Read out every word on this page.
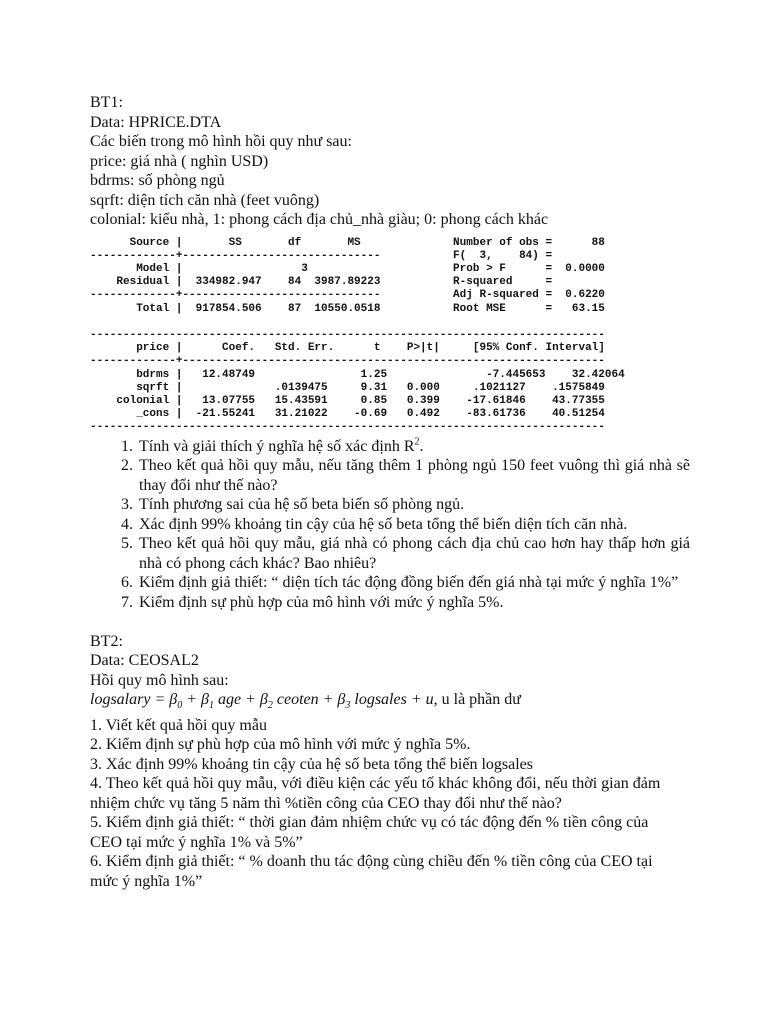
BT1:
Data: HPRICE.DTA
Các biến trong mô hình hồi quy như sau:
price: giá nhà ( nghìn USD)
bdrms: số phòng ngủ
sqrft: diện tích căn nhà (feet vuông)
colonial: kiểu nhà, 1: phong cách địa chủ_nhà giàu; 0: phong cách khác
Source |       SS       df       MS              Number of obs =      88
-------------+------------------------------           F(  3,    84) =
Model |                  3                      Prob > F      =  0.0000
Residual |  334982.947    84  3987.89223           R-squared     =
-------------+------------------------------           Adj R-squared =  0.6220
Total |  917854.506    87  10550.0518           Root MSE      =   63.15

------------------------------------------------------------------------------
price |      Coef.   Std. Err.      t    P>|t|     [95% Conf. Interval]
-------------+----------------------------------------------------------------
bdrms |   12.48749                1.25               -7.445653    32.42064
sqrft |              .0139475     9.31   0.000     .1021127    .1575849
colonial |   13.07755   15.43591     0.85   0.399    -17.61846    43.77355
_cons |  -21.55241   31.21022    -0.69   0.492    -83.61736    40.51254
------------------------------------------------------------------------------
1. Tính và giải thích ý nghĩa hệ số xác định $R^2$.
2. Theo kết quả hồi quy mẫu, nếu tăng thêm 1 phòng ngủ 150 feet vuông thì giá nhà sẽ thay đổi như thế nào?
3. Tính phương sai của hệ số beta biến số phòng ngủ.
4. Xác định 99% khoảng tin cậy của hệ số beta tổng thể biến diện tích căn nhà.
5. Theo kết quả hồi quy mẫu, giá nhà có phong cách địa chủ cao hơn hay thấp hơn giá nhà có phong cách khác? Bao nhiêu?
6. Kiểm định giả thiết: “ diện tích tác động đồng biến đến giá nhà tại mức ý nghĩa 1%”
7. Kiểm định sự phù hợp của mô hình với mức ý nghĩa 5%.
BT2:
Data: CEOSAL2
Hồi quy mô hình sau:
logsalary = $\beta_0 + \beta_1$ age + $\beta_2$ ceoten + $\beta_3$ logsales + u, u là phần dư
1. Viết kết quả hồi quy mẫu
2. Kiểm định sự phù hợp của mô hình với mức ý nghĩa 5%.
3. Xác định 99% khoảng tin cậy của hệ số beta tổng thể biến logsales
4. Theo kết quả hồi quy mẫu, với điều kiện các yếu tố khác không đổi, nếu thời gian đảm
nhiệm chức vụ tăng 5 năm thì %tiền công của CEO thay đổi như thế nào?
5. Kiểm định giả thiết: “ thời gian đảm nhiệm chức vụ có tác động đến % tiền công của
CEO tại mức ý nghĩa 1% và 5%”
6. Kiểm định giả thiết: “ % doanh thu tác động cùng chiều đến % tiền công của CEO tại
mức ý nghĩa 1%”
